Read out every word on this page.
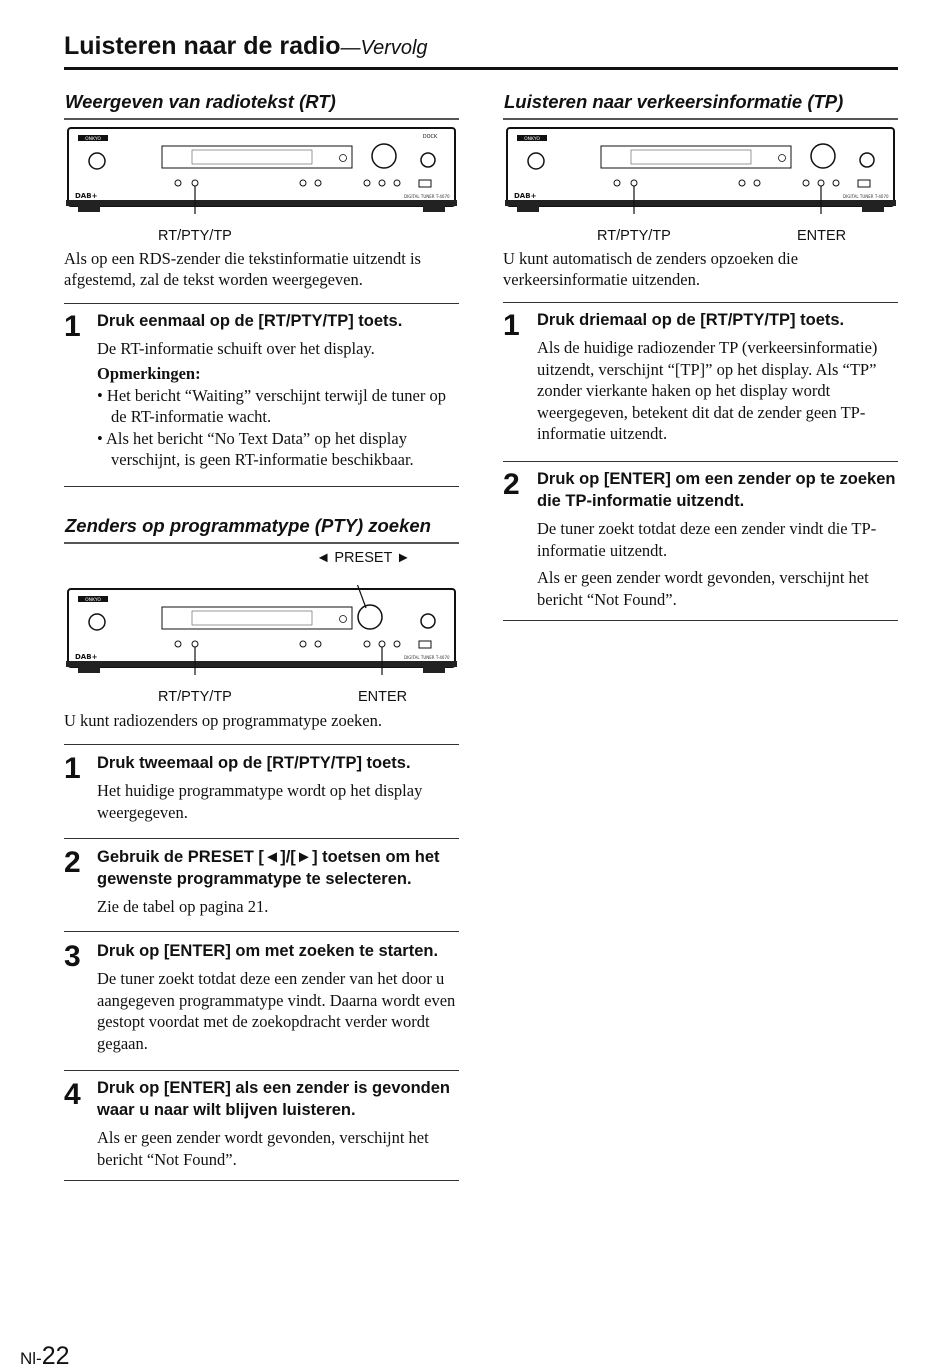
Luisteren naar de radio—Vervolg
Weergeven van radiotekst (RT)
ONKYO	DOCK
DAB+	DIGITAL TUNER T-4070
RT/PTY/TP
Als op een RDS-zender die tekstinformatie uitzendt is afgestemd, zal de tekst worden weergegeven.
1 Druk eenmaal op de [RT/PTY/TP] toets.
De RT-informatie schuift over het display.
Opmerkingen:
• Het bericht “Waiting” verschijnt terwijl de tuner op de RT-informatie wacht.
• Als het bericht “No Text Data” op het display verschijnt, is geen RT-informatie beschikbaar.
Zenders op programmatype (PTY) zoeken
◄ PRESET ►
ONKYO
DAB+	DIGITAL TUNER T-4070
RT/PTY/TP	ENTER
U kunt radiozenders op programmatype zoeken.
1 Druk tweemaal op de [RT/PTY/TP] toets.
Het huidige programmatype wordt op het display weergegeven.
2 Gebruik de PRESET [◄]/[►] toetsen om het gewenste programmatype te selecteren.
Zie de tabel op pagina 21.
3 Druk op [ENTER] om met zoeken te starten.
De tuner zoekt totdat deze een zender van het door u aangegeven programmatype vindt. Daarna wordt even gestopt voordat met de zoekopdracht verder wordt gegaan.
4 Druk op [ENTER] als een zender is gevonden waar u naar wilt blijven luisteren.
Als er geen zender wordt gevonden, verschijnt het bericht “Not Found”.
Luisteren naar verkeersinformatie (TP)
ONKYO
DAB+	DIGITAL TUNER T-4070
RT/PTY/TP	ENTER
U kunt automatisch de zenders opzoeken die verkeersinformatie uitzenden.
1 Druk driemaal op de [RT/PTY/TP] toets.
Als de huidige radiozender TP (verkeersinformatie) uitzendt, verschijnt “[TP]” op het display. Als “TP” zonder vierkante haken op het display wordt weergegeven, betekent dit dat de zender geen TP-informatie uitzendt.
2 Druk op [ENTER] om een zender op te zoeken die TP-informatie uitzendt.
De tuner zoekt totdat deze een zender vindt die TP-informatie uitzendt.
Als er geen zender wordt gevonden, verschijnt het bericht “Not Found”.
Nl-22
